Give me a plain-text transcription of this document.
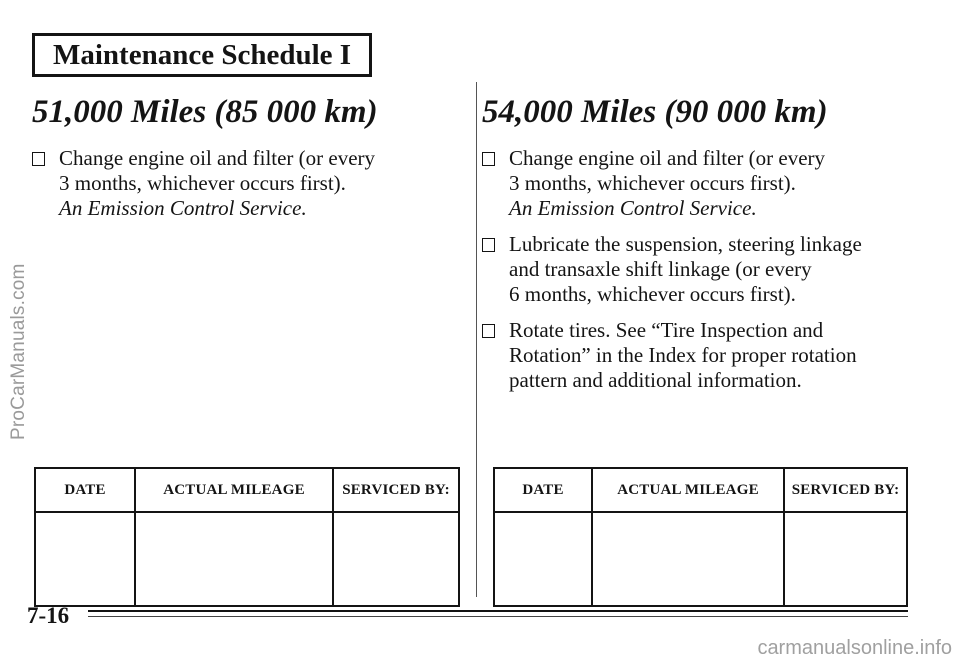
ProCarManuals.com
carmanualsonline.info
Maintenance Schedule I
51,000 Miles (85 000 km)
Change engine oil and filter (or every
3 months, whichever occurs first).
An Emission Control Service.
DATE	ACTUAL MILEAGE	SERVICED BY:

54,000 Miles (90 000 km)
Change engine oil and filter (or every
3 months, whichever occurs first).
An Emission Control Service.
Lubricate the suspension, steering linkage
and transaxle shift linkage (or every
6 months, whichever occurs first).
Rotate tires. See “Tire Inspection and
Rotation” in the Index for proper rotation
pattern and additional information.
DATE	ACTUAL MILEAGE	SERVICED BY:

7-16
